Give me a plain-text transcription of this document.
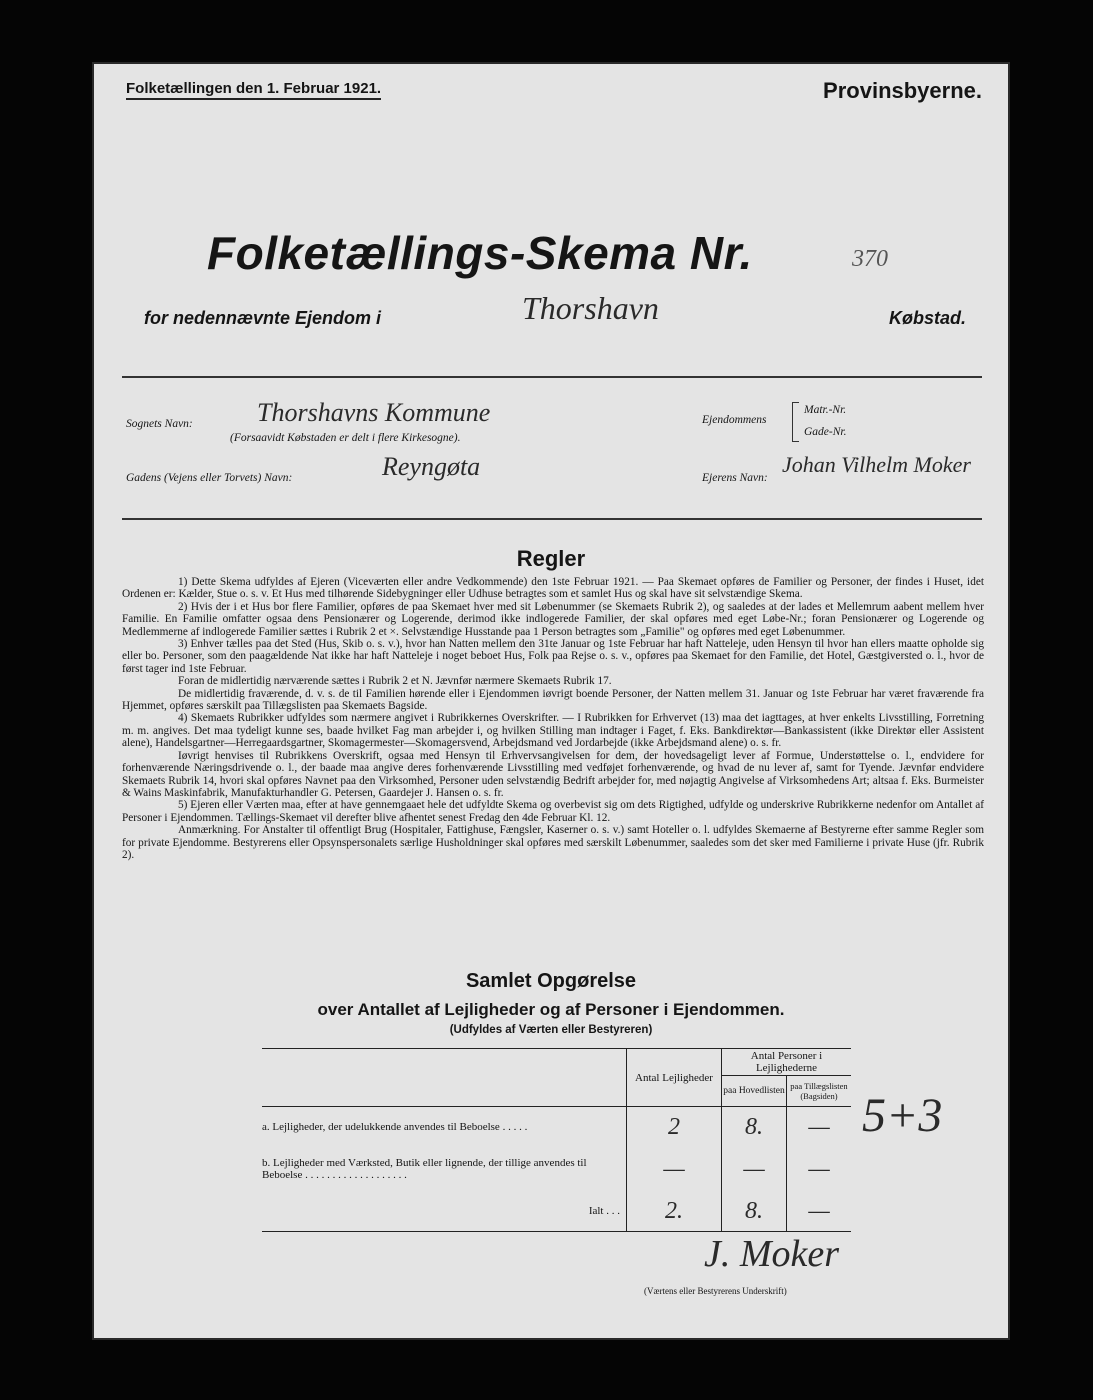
Folketællingen den 1. Februar 1921.	Provinsbyerne.
Folketællings-Skema Nr.	370
for nedennævnte Ejendom i	Thorshavn	Købstad.
Sognets Navn: Thorshavns Kommune
(Forsaavidt Købstaden er delt i flere Kirkesogne).
Ejendommens
Matr.-Nr.
Gade-Nr.
Gadens (Vejens eller Torvets) Navn:	Reyngøta	Ejerens Navn:
Johan Vilhelm Moker
Regler

1) Dette Skema udfyldes af Ejeren (Viceværten eller andre Vedkommende) den 1ste Februar 1921. — Paa Skemaet opføres de Familier og Personer, der findes i Huset, idet Ordenen er: Kælder, Stue o. s. v. Et Hus med tilhørende Sidebygninger eller Udhuse betragtes som et samlet Hus og skal have sit selvstændige Skema.

2) Hvis der i et Hus bor flere Familier, opføres de paa Skemaet hver med sit Løbenummer (se Skemaets Rubrik 2), og saaledes at der lades et Mellemrum aabent mellem hver Familie. En Familie omfatter ogsaa dens Pensionærer og Logerende, derimod ikke indlogerede Familier, der skal opføres med eget Løbe-Nr.; foran Pensionærer og Logerende og Medlemmerne af indlogerede Familier sættes i Rubrik 2 et ×. Selvstændige Husstande paa 1 Person betragtes som „Familie" og opføres med eget Løbenummer.

3) Enhver tælles paa det Sted (Hus, Skib o. s. v.), hvor han Natten mellem den 31te Januar og 1ste Februar har haft Natteleje, uden Hensyn til hvor han ellers maatte opholde sig eller bo. Personer, som den paagældende Nat ikke har haft Natteleje i noget beboet Hus, Folk paa Rejse o. s. v., opføres paa Skemaet for den Familie, det Hotel, Gæstgiversted o. l., hvor de først tager ind 1ste Februar.

Foran de midlertidig nærværende sættes i Rubrik 2 et N. Jævnfør nærmere Skemaets Rubrik 17.

De midlertidig fraværende, d. v. s. de til Familien hørende eller i Ejendommen iøvrigt boende Personer, der Natten mellem 31. Januar og 1ste Februar har været fraværende fra Hjemmet, opføres særskilt paa Tillægslisten paa Skemaets Bagside.

4) Skemaets Rubrikker udfyldes som nærmere angivet i Rubrikkernes Overskrifter. — I Rubrikken for Erhvervet (13) maa det iagttages, at hver enkelts Livsstilling, Forretning m. m. angives. Det maa tydeligt kunne ses, baade hvilket Fag man arbejder i, og hvilken Stilling man indtager i Faget, f. Eks. Bankdirektør—Bankassistent (ikke Direktør eller Assistent alene), Handelsgartner—Herregaardsgartner, Skomagermester—Skomagersvend, Arbejdsmand ved Jordarbejde (ikke Arbejdsmand alene) o. s. fr.

Iøvrigt henvises til Rubrikkens Overskrift, ogsaa med Hensyn til Erhvervsangivelsen for dem, der hovedsageligt lever af Formue, Understøttelse o. l., endvidere for forhenværende Næringsdrivende o. l., der baade maa angive deres forhenværende Livsstilling med vedføjet forhenværende, og hvad de nu lever af, samt for Tyende. Jævnfør endvidere Skemaets Rubrik 14, hvori skal opføres Navnet paa den Virksomhed, Personer uden selvstændig Bedrift arbejder for, med nøjagtig Angivelse af Virksomhedens Art; altsaa f. Eks. Burmeister & Wains Maskinfabrik, Manufakturhandler G. Petersen, Gaardejer J. Hansen o. s. fr.

5) Ejeren eller Værten maa, efter at have gennemgaaet hele det udfyldte Skema og overbevist sig om dets Rigtighed, udfylde og underskrive Rubrikkerne nedenfor om Antallet af Personer i Ejendommen. Tællings-Skemaet vil derefter blive afhentet senest Fredag den 4de Februar Kl. 12.

Anmærkning. For Anstalter til offentligt Brug (Hospitaler, Fattighuse, Fængsler, Kaserner o. s. v.) samt Hoteller o. l. udfyldes Skemaerne af Bestyrerne efter samme Regler som for private Ejendomme. Bestyrerens eller Opsynspersonalets særlige Husholdninger skal opføres med særskilt Løbenummer, saaledes som det sker med Familierne i private Huse (jfr. Rubrik 2).

Samlet Opgørelse
over Antallet af Lejligheder og af Personer i Ejendommen.
(Udfyldes af Værten eller Bestyreren)
	Antal Lejligheder	Antal Personer i Lejlighederne	
		paa Hovedlisten	paa Tillægslisten (Bagsiden)
a. Lejligheder, der udelukkende anvendes til Beboelse . . . . .	2	8.	—
b. Lejligheder med Værksted, Butik eller lignende, der tillige anvendes til Beboelse . . . . . . . . . . . . . . . . . . .	—	—	—
Ialt . . .	2.	8.	—
5+3
J. Moker
(Værtens eller Bestyrerens Underskrift)
